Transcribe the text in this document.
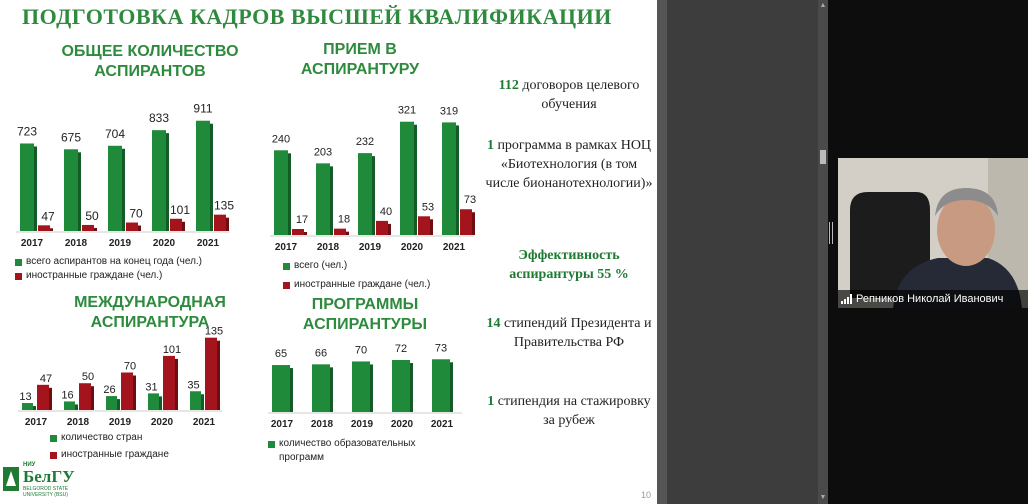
ПОДГОТОВКА КАДРОВ ВЫСШЕЙ КВАЛИФИКАЦИИ
ОБЩЕЕ КОЛИЧЕСТВО
АСПИРАНТОВ
ПРИЕМ В
АСПИРАНТУРУ
МЕЖДУНАРОДНАЯ
АСПИРАНТУРА
ПРОГРАММЫ
АСПИРАНТУРЫ
723
47
2017
675
50
2018
704
70
2019
833
101
2020
911
135
2021
240
17
2017
203
18
2018
232
40
2019
321
53
2020
319
73
2021
13
47
2017
16
50
2018
26
70
2019
31
101
2020
35
135
2021
65
2017
66
2018
70
2019
72
2020
73
2021
всего аспирантов на конец года (чел.)
иностранные граждане (чел.)
всего (чел.)
иностранные граждане (чел.)
количество стран
иностранные граждане
количество образовательных
программ
112 договоров целевого обучения
1 программа в рамках НОЦ «Биотехнология (в том числе бионанотехнологии)»
Эффективность аспирантуры 55 %
14 стипендий Президента и Правительства РФ
1 стипендия на стажировку за рубеж
НИУ
БелГУ
BELGOROD STATE
UNIVERSITY (BSU)	10
▲
▼
Репников Николай Иванович
